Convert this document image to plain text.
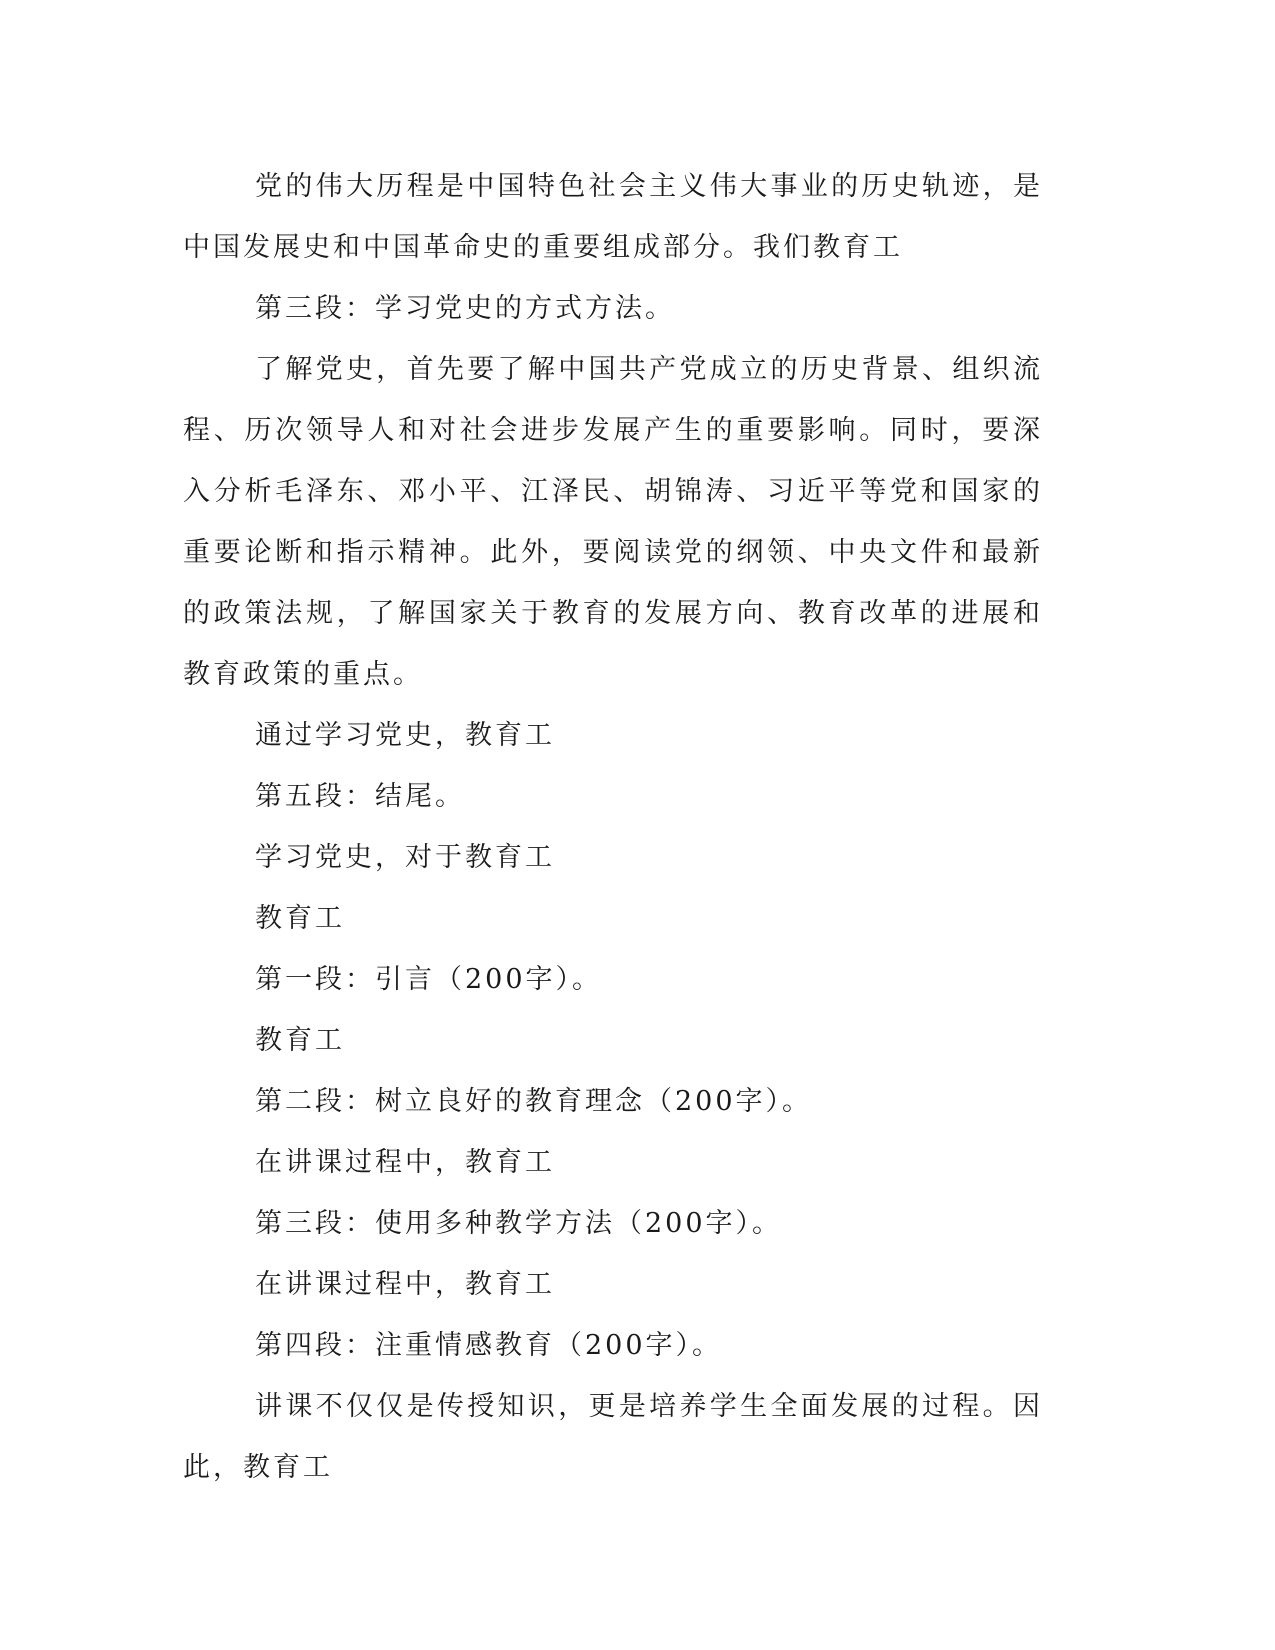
党的伟大历程是中国特色社会主义伟大事业的历史轨迹，是中国发展史和中国革命史的重要组成部分。我们教育工

第三段：学习党史的方式方法。

了解党史，首先要了解中国共产党成立的历史背景、组织流程、历次领导人和对社会进步发展产生的重要影响。同时，要深入分析毛泽东、邓小平、江泽民、胡锦涛、习近平等党和国家的重要论断和指示精神。此外，要阅读党的纲领、中央文件和最新的政策法规，了解国家关于教育的发展方向、教育改革的进展和教育政策的重点。

通过学习党史，教育工

第五段：结尾。

学习党史，对于教育工

教育工

第一段：引言（200字）。

教育工

第二段：树立良好的教育理念（200字）。

在讲课过程中，教育工

第三段：使用多种教学方法（200字）。

在讲课过程中，教育工

第四段：注重情感教育（200字）。

讲课不仅仅是传授知识，更是培养学生全面发展的过程。因此，教育工
